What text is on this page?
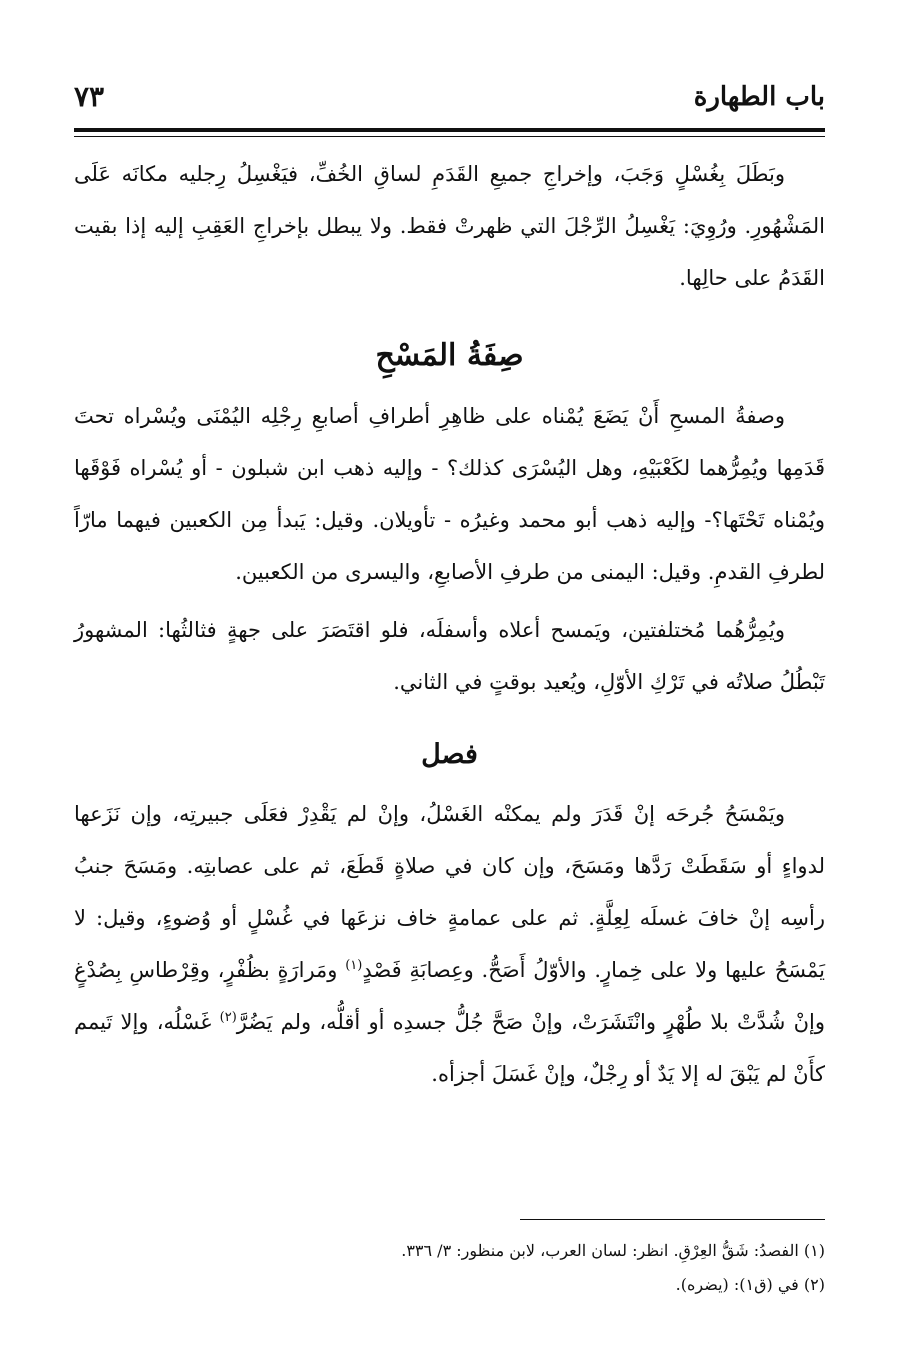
باب الطهارة
٧٣

وبَطَلَ بِغُسْلٍ وَجَبَ، وإخراجِ جميعِ القَدَمِ لساقِ الخُفِّ، فيَغْسِلُ رِجليه مكانَه عَلَى المَشْهُورِ. ورُوِيَ: يَغْسِلُ الرِّجْلَ التي ظهرتْ فقط. ولا يبطل بإخراجِ العَقِبِ إليه إذا بقيت القَدَمُ على حالِها.

صِفَةُ المَسْحِ

وصفةُ المسحِ أَنْ يَضَعَ يُمْناه على ظاهِرِ أطرافِ أصابعِ رِجْلِه اليُمْنَى ويُسْراه تحتَ قَدَمِها ويُمِرُّهما لكَعْبَيْهِ، وهل اليُسْرَى كذلك؟ - وإليه ذهب ابن شبلون - أو يُسْراه فَوْقَها ويُمْناه تَحْتَها؟- وإليه ذهب أبو محمد وغيرُه - تأويلان. وقيل: يَبدأ مِن الكعبين فيهما مارّاً لطرفِ القدمِ. وقيل: اليمنى من طرفِ الأصابعِ، واليسرى من الكعبين.

ويُمِرُّهُما مُختلفتين، ويَمسح أعلاه وأسفلَه، فلو اقتَصَرَ على جهةٍ فثالثُها: المشهورُ تَبْطُلُ صلاتُه في تَرْكِ الأوّلِ، ويُعيد بوقتٍ في الثاني.

فصل

ويَمْسَحُ جُرحَه إنْ قَدَرَ ولم يمكنْه الغَسْلُ، وإنْ لم يَقْدِرْ فعَلَى جبيرتِه، وإن نَزَعها لدواءٍ أو سَقَطَتْ رَدَّها ومَسَحَ، وإن كان في صلاةٍ قَطَعَ، ثم على عصابتِه. ومَسَحَ جنبُ رأسِه إنْ خافَ غسلَه لِعِلَّةٍ. ثم على عمامةٍ خاف نزعَها في غُسْلٍ أو وُضوءٍ، وقيل: لا يَمْسَحُ عليها ولا على خِمارٍ. والأوّلُ أَصَحُّ. وعِصابَةِ فَصْدٍ$^{(١)}$ ومَرارَةٍ بظُفْرٍ، وقِرْطاسِ بِصُدْغٍ وإنْ شُدَّتْ بلا طُهْرٍ وانْتَشَرَتْ، وإنْ صَحَّ جُلُّ جسدِه أو أقلُّه، ولم يَضُرَّ$^{(٢)}$ غَسْلُه، وإلا تَيمم كأَنْ لم يَبْقَ له إلا يَدٌ أو رِجْلٌ، وإنْ غَسَلَ أجزأه.

(١) الفصدُ: شَقُّ العِرْقِ. انظر: لسان العرب، لابن منظور: ٣/ ٣٣٦.
(٢) في (ق١): (يضره).
